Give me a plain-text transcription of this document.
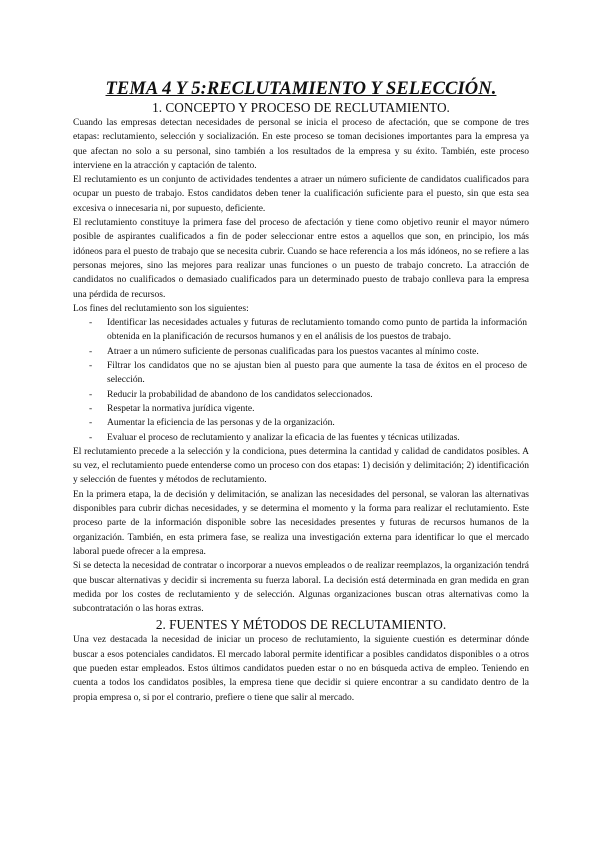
TEMA 4 Y 5:RECLUTAMIENTO Y SELECCIÓN.
1. CONCEPTO Y PROCESO DE RECLUTAMIENTO.

Cuando las empresas detectan necesidades de personal se inicia el proceso de afectación, que se compone de tres etapas: reclutamiento, selección y socialización. En este proceso se toman decisiones importantes para la empresa ya que afectan no solo a su personal, sino también a los resultados de la empresa y su éxito. También, este proceso interviene en la atracción y captación de talento.

El reclutamiento es un conjunto de actividades tendentes a atraer un número suficiente de candidatos cualificados para ocupar un puesto de trabajo. Estos candidatos deben tener la cualificación suficiente para el puesto, sin que esta sea excesiva o innecesaria ni, por supuesto, deficiente.

El reclutamiento constituye la primera fase del proceso de afectación y tiene como objetivo reunir el mayor número posible de aspirantes cualificados a fin de poder seleccionar entre estos a aquellos que son, en principio, los más idóneos para el puesto de trabajo que se necesita cubrir. Cuando se hace referencia a los más idóneos, no se refiere a las personas mejores, sino las mejores para realizar unas funciones o un puesto de trabajo concreto. La atracción de candidatos no cualificados o demasiado cualificados para un determinado puesto de trabajo conlleva para la empresa una pérdida de recursos.

Los fines del reclutamiento son los siguientes:

- Identificar las necesidades actuales y futuras de reclutamiento tomando como punto de partida la información obtenida en la planificación de recursos humanos y en el análisis de los puestos de trabajo.
- Atraer a un número suficiente de personas cualificadas para los puestos vacantes al mínimo coste.
- Filtrar los candidatos que no se ajustan bien al puesto para que aumente la tasa de éxitos en el proceso de selección.
- Reducir la probabilidad de abandono de los candidatos seleccionados.
- Respetar la normativa jurídica vigente.
- Aumentar la eficiencia de las personas y de la organización.
- Evaluar el proceso de reclutamiento y analizar la eficacia de las fuentes y técnicas utilizadas.

El reclutamiento precede a la selección y la condiciona, pues determina la cantidad y calidad de candidatos posibles. A su vez, el reclutamiento puede entenderse como un proceso con dos etapas: 1) decisión y delimitación; 2) identificación y selección de fuentes y métodos de reclutamiento.

En la primera etapa, la de decisión y delimitación, se analizan las necesidades del personal, se valoran las alternativas disponibles para cubrir dichas necesidades, y se determina el momento y la forma para realizar el reclutamiento. Este proceso parte de la información disponible sobre las necesidades presentes y futuras de recursos humanos de la organización. También, en esta primera fase, se realiza una investigación externa para identificar lo que el mercado laboral puede ofrecer a la empresa.

Si se detecta la necesidad de contratar o incorporar a nuevos empleados o de realizar reemplazos, la organización tendrá que buscar alternativas y decidir si incrementa su fuerza laboral. La decisión está determinada en gran medida en gran medida por los costes de reclutamiento y de selección. Algunas organizaciones buscan otras alternativas como la subcontratación o las horas extras.

2. FUENTES Y MÉTODOS DE RECLUTAMIENTO.

Una vez destacada la necesidad de iniciar un proceso de reclutamiento, la siguiente cuestión es determinar dónde buscar a esos potenciales candidatos. El mercado laboral permite identificar a posibles candidatos disponibles o a otros que pueden estar empleados. Estos últimos candidatos pueden estar o no en búsqueda activa de empleo. Teniendo en cuenta a todos los candidatos posibles, la empresa tiene que decidir si quiere encontrar a su candidato dentro de la propia empresa o, si por el contrario, prefiere o tiene que salir al mercado.
